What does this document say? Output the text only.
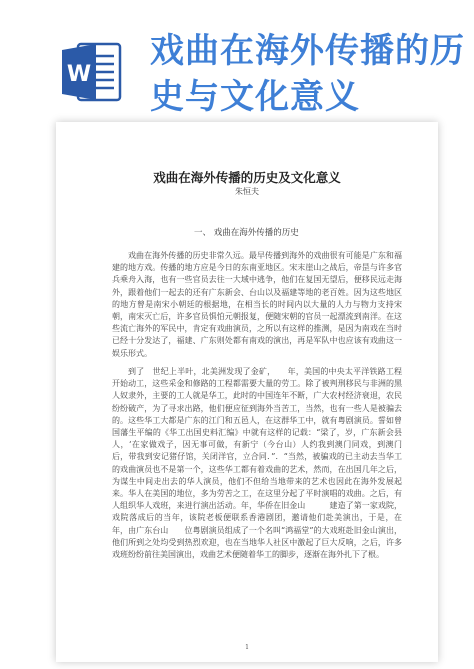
W
戏曲在海外传播的历史与文化意义

戏曲在海外传播的历史及文化意义
朱恒夫
一、 戏曲在海外传播的历史
戏曲在海外传播的历史非常久远。最早传播到海外的戏曲很有可能是广东和福建的地方戏。传播的地方应是今日的东南亚地区。宋末崖山之战后，帝昰与许多官兵乘舟入海，也有一些官员去往一大域中逃争，他们在复国无望后，便移民远走海外，跟着他们一起去的还有广东新会、台山以及福建等地的老百姓。因为这些地区的地方曾是南宋小朝廷的根据地，在相当长的时间内以大量的人力与物力支持宋朝，南宋灭亡后，许多官员惧怕元朝报复，便随宋朝的官员一起漂流到南洋。在这些流亡海外的军民中，肯定有戏曲演员，之所以有这样的推测，是因为南戏在当时已经十分发达了，福建、广东则处都有南戏的演出，再是军队中也应该有戏曲这一娱乐形式。
到了　世纪上半叶，北美洲发现了金矿，　　年，美国的中央太平洋铁路工程开始动工，这些采金和修路的工程都需要大量的劳工。除了被判刑移民与非洲的黑人奴隶外，主要的工人就是华工，此时的中国连年不断，广大农村经济衰退，农民纷纷破产，为了寻求出路，他们便应征到海外当苦工，当然，也有一些人是被骗去的。这些华工大都是广东的江门和五邑人，在这群华工中，就有粤剧演员。誓如曾国藩生平编的《华工出国史料汇编》中就有这样的记载：“梁了，岁，广东新会县人，‘在家做戏子，因无事可做，有新宁（今台山）人约我到澳门同戏，到澳门后，带我到安记猪仔馆，关闭洋官，立合同．”．“当然，被骗戏的已主动去当华工的戏曲演员也不是第一个，这些华工都有着戏曲的艺术，然而，在出国几年之后，为谋生中间走出去的华人演员，他们不但给当地带来的艺术也因此在海外发展起来。华人在美国的地位，多为劳苦之工，在这里分起了平时演唱的戏曲。之后，有人组织华人戏班，来进行演出活动。年，华侨在旧金山　　　建造了第一家戏院，戏院落成后的当年，该院老板便联系香港剧团，邀请他们赴美演出，于是，在　　　　年，由广东台山　　位粤剧演员组成了一个名叫“鸿福堂”的大戏班赴旧金山演出，他们所到之处均受到热烈欢迎，也在当地华人社区中激起了巨大反响，之后，许多戏班纷纷前往美国演出，戏曲艺术便随着华工的脚步，逐渐在海外扎下了根。
1
